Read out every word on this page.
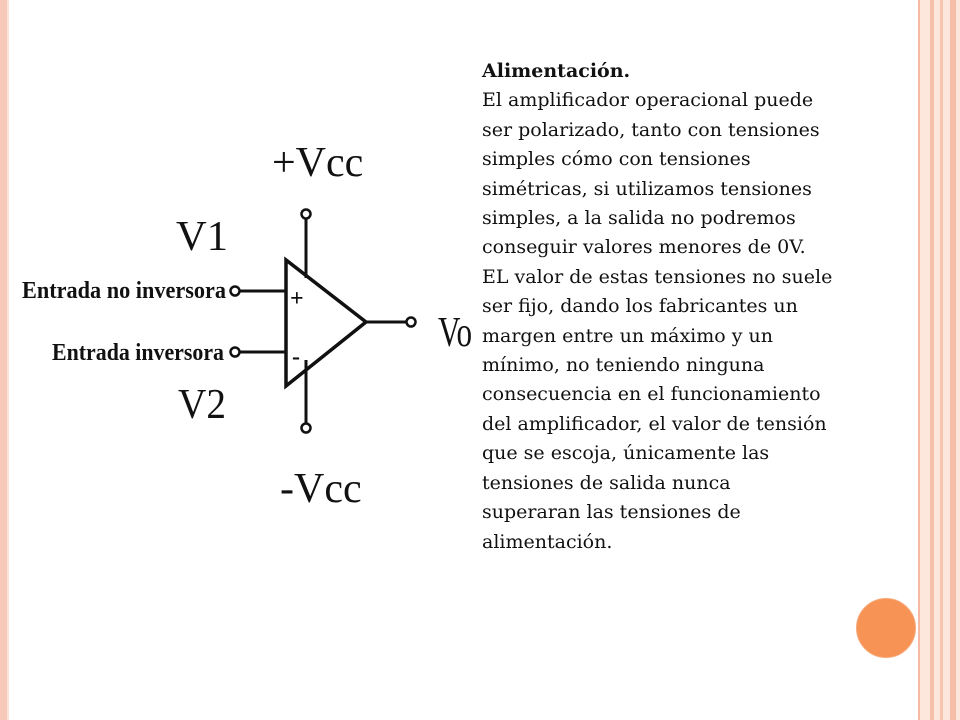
+Vcc
-Vcc
+
-
Vo
V1
V2
Entrada no inversora
Entrada inversora

Alimentación.

El amplificador operacional puede
ser polarizado, tanto con tensiones
simples cómo con tensiones
simétricas, si utilizamos tensiones
simples, a la salida no podremos
conseguir valores menores de 0V.
EL valor de estas tensiones no suele
ser fijo, dando los fabricantes un
margen entre un máximo y un
mínimo, no teniendo ninguna
consecuencia en el funcionamiento
del amplificador, el valor de tensión
que se escoja, únicamente las
tensiones de salida nunca
superaran las tensiones de
alimentación.
